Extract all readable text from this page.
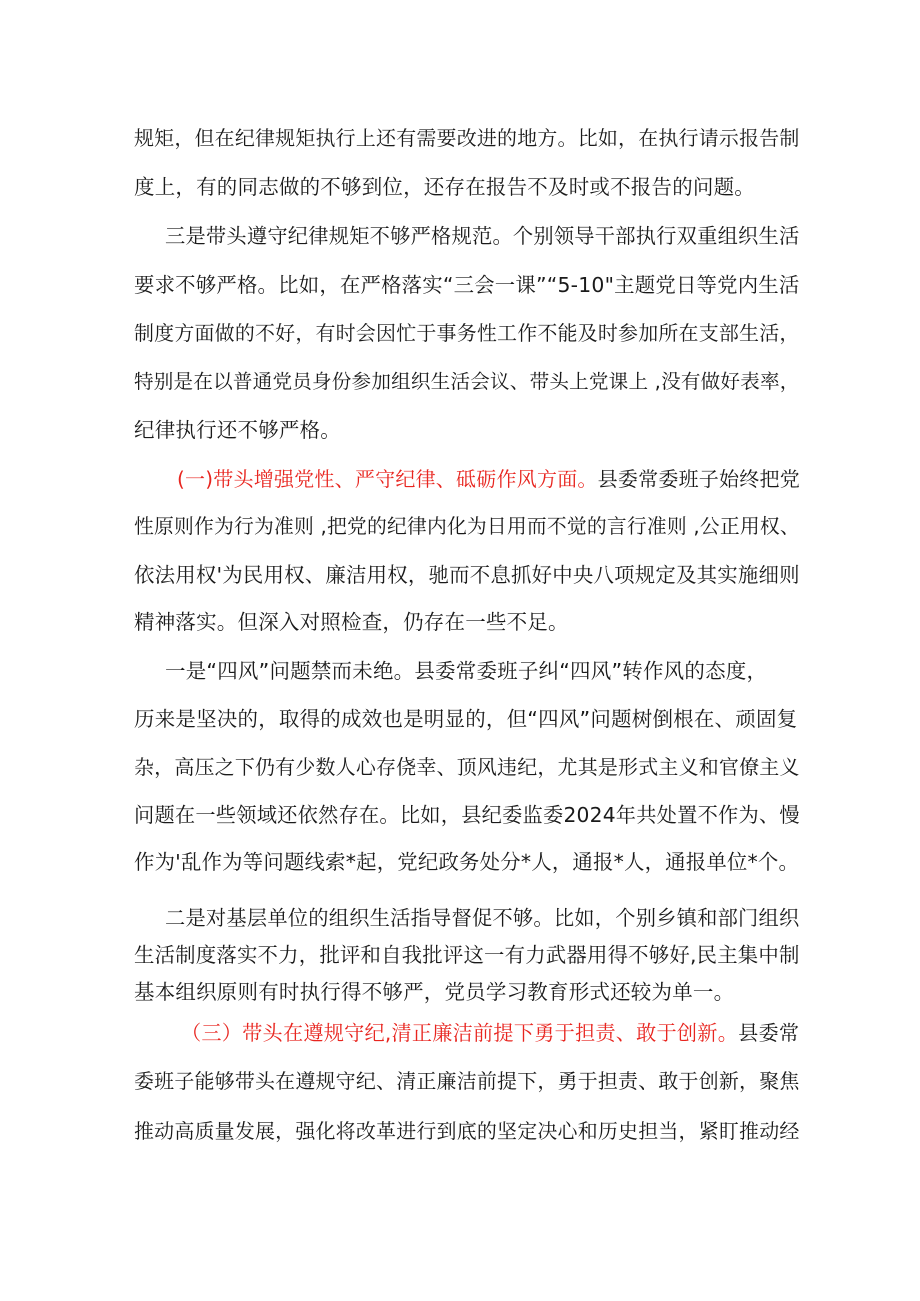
规矩，但在纪律规矩执行上还有需要改进的地方。比如，在执行请示报告制
度上，有的同志做的不够到位，还存在报告不及时或不报告的问题。
三是带头遵守纪律规矩不够严格规范。个别领导干部执行双重组织生活
要求不够严格。比如，在严格落实“三会一课”“5-10"主题党日等党内生活
制度方面做的不好，有时会因忙于事务性工作不能及时参加所在支部生活，
特别是在以普通党员身份参加组织生活会议、带头上党课上 ,没有做好表率，
纪律执行还不够严格。
(一)带头增强党性、严守纪律、砥砺作风方面。县委常委班子始终把党
性原则作为行为准则 ,把党的纪律内化为日用而不觉的言行准则 ,公正用权、
依法用权'为民用权、廉洁用权，驰而不息抓好中央八项规定及其实施细则
精神落实。但深入对照检查，仍存在一些不足。
一是“四风”问题禁而未绝。县委常委班子纠“四风”转作风的态度，
历来是坚决的，取得的成效也是明显的，但“四风”问题树倒根在、顽固复
杂，高压之下仍有少数人心存侥幸、顶风违纪，尤其是形式主义和官僚主义
问题在一些领域还依然存在。比如，县纪委监委2024年共处置不作为、慢
作为'乱作为等问题线索*起，党纪政务处分*人，通报*人，通报单位*个。
二是对基层单位的组织生活指导督促不够。比如，个别乡镇和部门组织
生活制度落实不力，批评和自我批评这一有力武器用得不够好,民主集中制
基本组织原则有时执行得不够严，党员学习教育形式还较为单一。
（三）带头在遵规守纪,清正廉洁前提下勇于担责、敢于创新。县委常
委班子能够带头在遵规守纪、清正廉洁前提下，勇于担责、敢于创新，聚焦
推动高质量发展，强化将改革进行到底的坚定决心和历史担当，紧盯推动经
